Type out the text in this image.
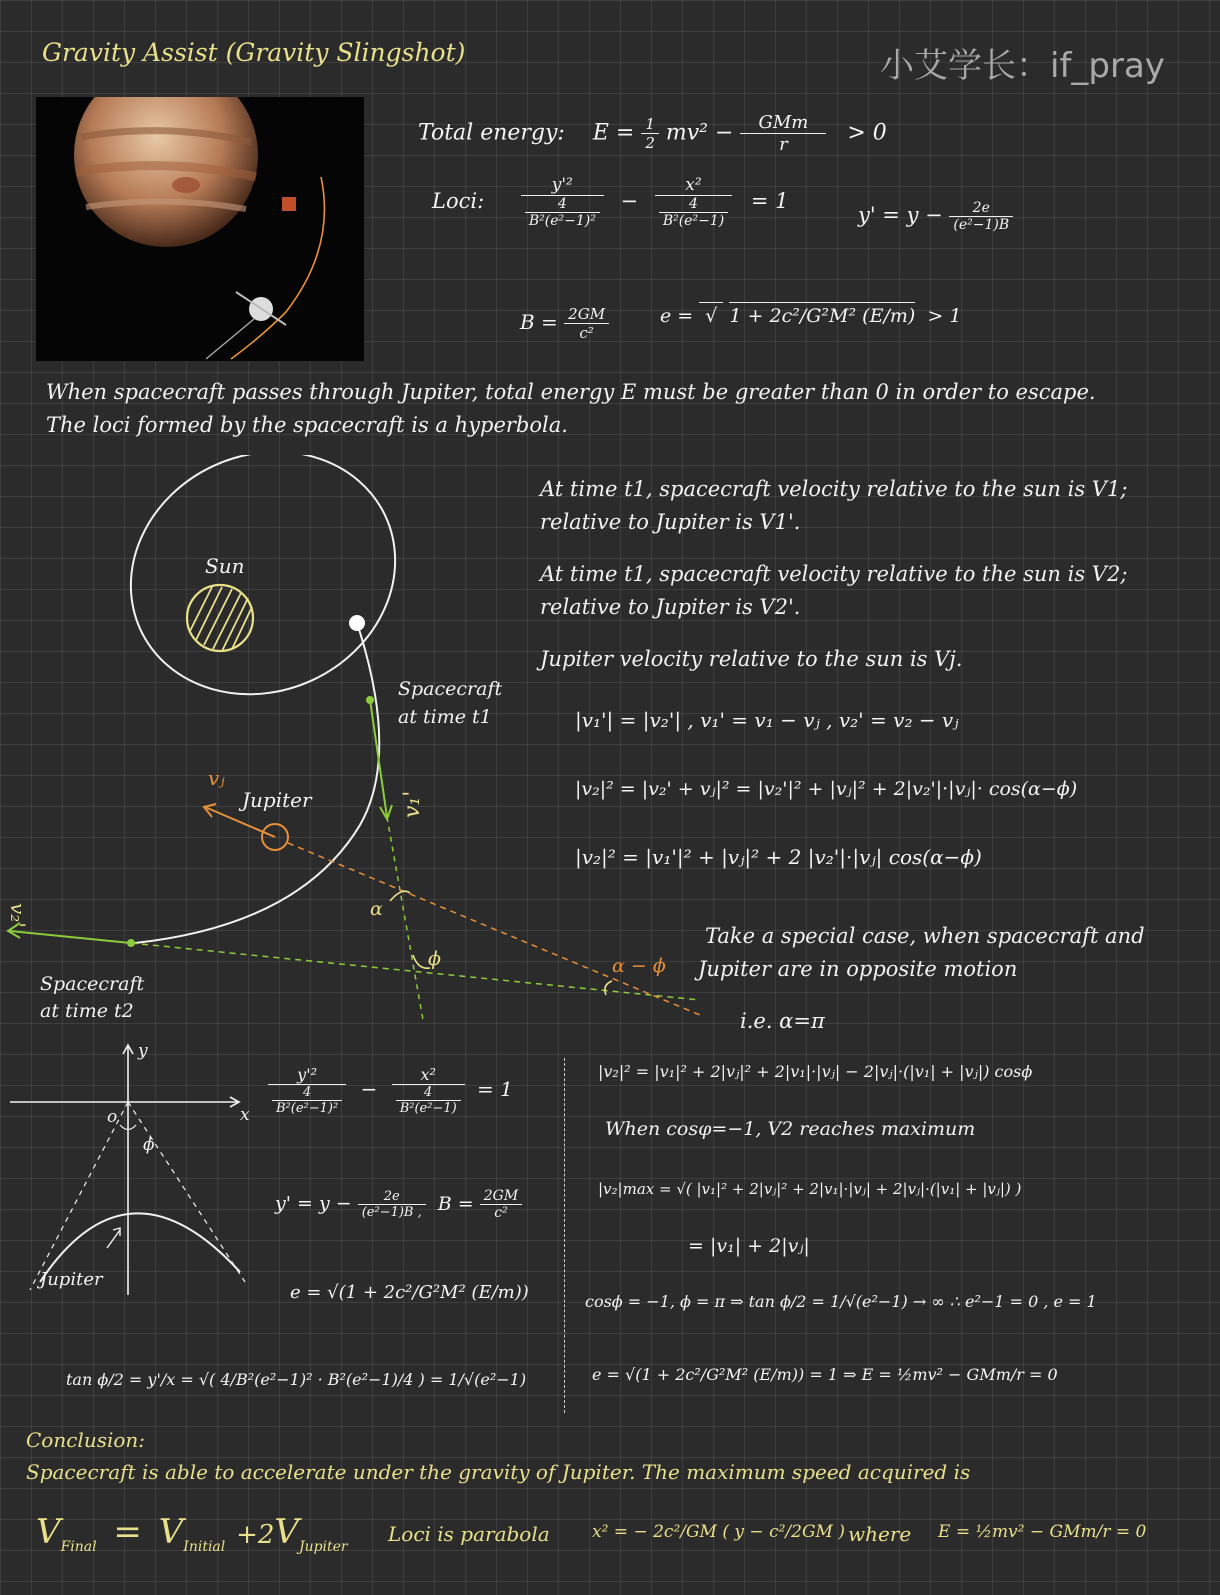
Gravity Assist (Gravity Slingshot)	小艾学长：if_pray
Total energy: $E = \frac{1}{2} mv^2 - \frac{\text{GMm}}{r} > 0$
Loci: $\frac{\text{y'²}}{\frac{4}{\text{B²(e²−1)²}}} - \frac{\text{x²}}{\frac{4}{\text{B²(e²−1)}}} = 1$
$y' = y - \frac{2e}{\text{(e²−1)B}}$
$B = \frac{2GM}{\text{c²}}$	e = √ 1 + 2c²/G²M² (E/m) > 1
When spacecraft passes through Jupiter, total energy E must be greater than 0 in order to escape.
The loci formed by the spacecraft is a hyperbola.
Sun
Spacecraft
at time t1
v₁'
vⱼ
Jupiter
v₂'	α
ϕ	α − ϕ
Spacecraft
at time t2
At time t1, spacecraft velocity relative to the sun is V1;
relative to Jupiter is V1'.
At time t1, spacecraft velocity relative to the sun is V2;
relative to Jupiter is V2'.
Jupiter velocity relative to the sun is Vj.
|v₁'| = |v₂'| , v₁' = v₁ − vⱼ , v₂' = v₂ − vⱼ
|v₂|² = |v₂' + vⱼ|² = |v₂'|² + |vⱼ|² + 2|v₂'|·|vⱼ|· cos(α−ϕ)
|v₂|² = |v₁'|² + |vⱼ|² + 2 |v₂'|·|vⱼ| cos(α−ϕ)
Take a special case, when spacecraft and
Jupiter are in opposite motion
i.e. α=π
y
x
o
ϕ
Jupiter
$\frac{\text{y'²}}{\frac{4}{\text{B²(e²−1)²}}} - \frac{\text{x²}}{\frac{4}{\text{B²(e²−1)}}} = 1$
$y' = y - \frac{2e}{\text{(e²−1)B ,}}$ $B = \frac{2GM}{\text{c²}}$
e = √(1 + 2c²/G²M² (E/m))
tan ϕ/2 = y'/x = √( 4/B²(e²−1)² · B²(e²−1)/4 ) = 1/√(e²−1)
|v₂|² = |v₁|² + 2|vⱼ|² + 2|v₁|·|vⱼ| − 2|vⱼ|·(|v₁| + |vⱼ|) cosϕ
When cosφ=−1, V2 reaches maximum
|v₂|max = √( |v₁|² + 2|vⱼ|² + 2|v₁|·|vⱼ| + 2|vⱼ|·(|v₁| + |vⱼ|) )
= |v₁| + 2|vⱼ|
cosϕ = −1, ϕ = π ⇒ tan ϕ/2 = 1/√(e²−1) → ∞ ∴ e²−1 = 0 , e = 1
e = √(1 + 2c²/G²M² (E/m)) = 1 ⇒ E = ½mv² − GMm/r = 0
Conclusion:
Spacecraft is able to accelerate under the gravity of Jupiter. The maximum speed acquired is
$V_{Final} = V_{Initial} +2V_{Jupiter}$
Loci is parabola x² = − 2c²/GM ( y − c²/2GM ) where E = ½mv² − GMm/r = 0
